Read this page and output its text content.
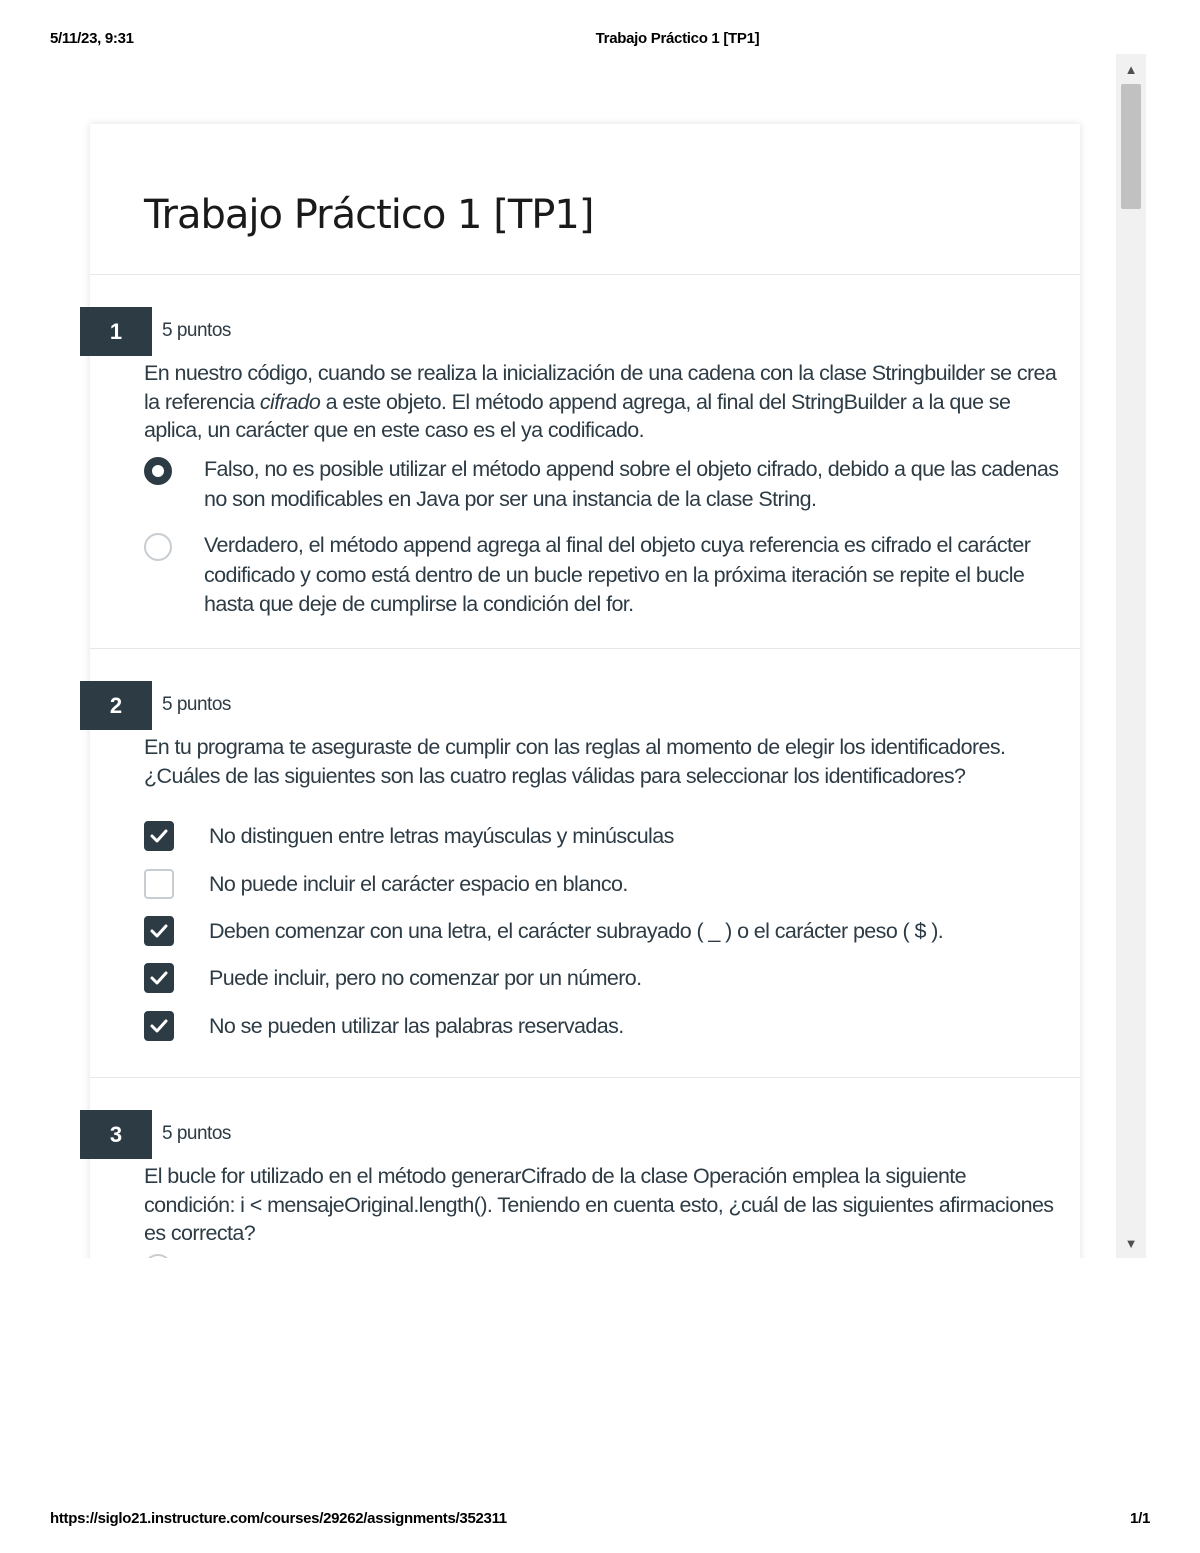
5/11/23, 9:31	Trabajo Práctico 1 [TP1]
Trabajo Práctico 1 [TP1]
1	5 puntos
En nuestro código, cuando se realiza la inicialización de una cadena con la clase Stringbuilder se crea la referencia cifrado a este objeto. El método append agrega, al final del StringBuilder a la que se aplica, un carácter que en este caso es el ya codificado.
Falso, no es posible utilizar el método append sobre el objeto cifrado, debido a que las cadenas no son modificables en Java por ser una instancia de la clase String.
Verdadero, el método append agrega al final del objeto cuya referencia es cifrado el carácter codificado y como está dentro de un bucle repetivo en la próxima iteración se repite el bucle hasta que deje de cumplirse la condición del for.
2	5 puntos
En tu programa te aseguraste de cumplir con las reglas al momento de elegir los identificadores. ¿Cuáles de las siguientes son las cuatro reglas válidas para seleccionar los identificadores?
No distinguen entre letras mayúsculas y minúsculas
No puede incluir el carácter espacio en blanco.
Deben comenzar con una letra, el carácter subrayado ( _ ) o el carácter peso ( $ ).
Puede incluir, pero no comenzar por un número.
No se pueden utilizar las palabras reservadas.
3	5 puntos
El bucle for utilizado en el método generarCifrado de la clase Operación emplea la siguiente condición: i < mensajeOriginal.length(). Teniendo en cuenta esto, ¿cuál de las siguientes afirmaciones es correcta?
▲
▼
https://siglo21.instructure.com/courses/29262/assignments/352311	1/1
